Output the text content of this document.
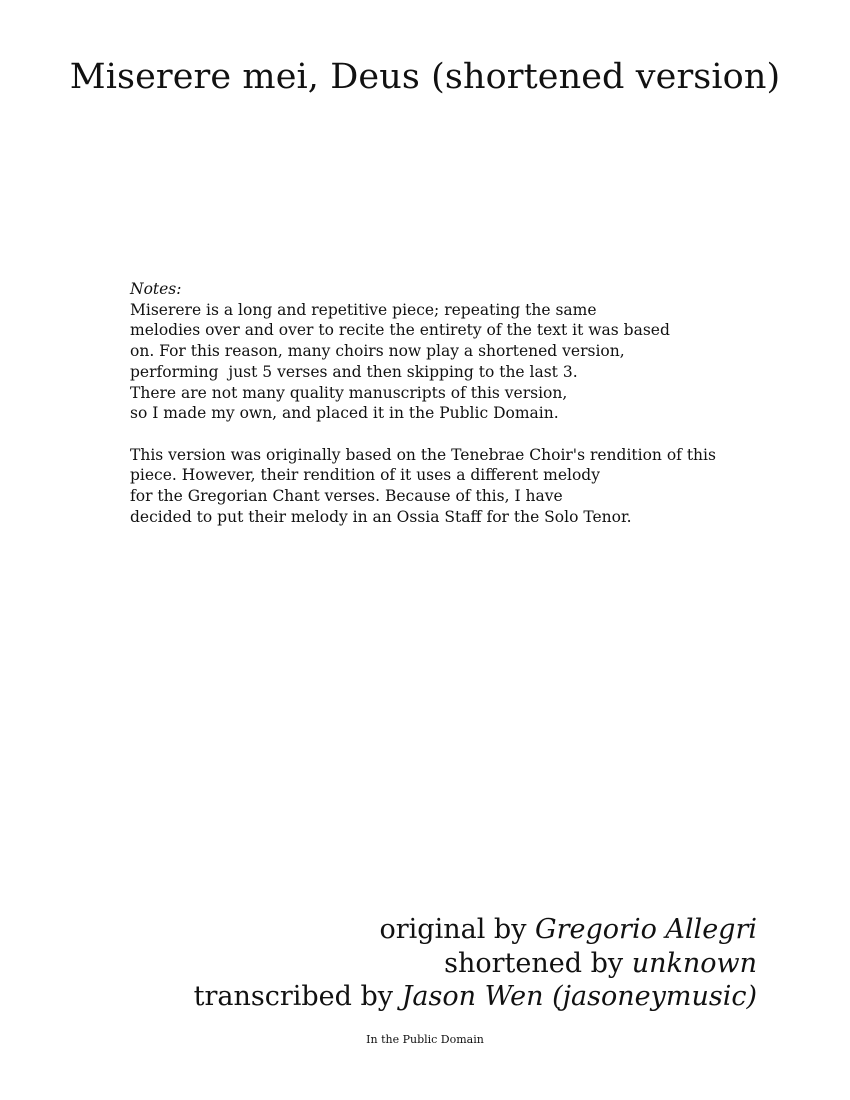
Miserere mei, Deus (shortened version)
Notes:
Miserere is a long and repetitive piece; repeating the same
melodies over and over to recite the entirety of the text it was based
on. For this reason, many choirs now play a shortened version,
performing  just 5 verses and then skipping to the last 3.
There are not many quality manuscripts of this version,
so I made my own, and placed it in the Public Domain.
This version was originally based on the Tenebrae Choir's rendition of this
piece. However, their rendition of it uses a different melody
for the Gregorian Chant verses. Because of this, I have
decided to put their melody in an Ossia Staff for the Solo Tenor.
original by Gregorio Allegri
shortened by unknown
transcribed by Jason Wen (jasoneymusic)
In the Public Domain
